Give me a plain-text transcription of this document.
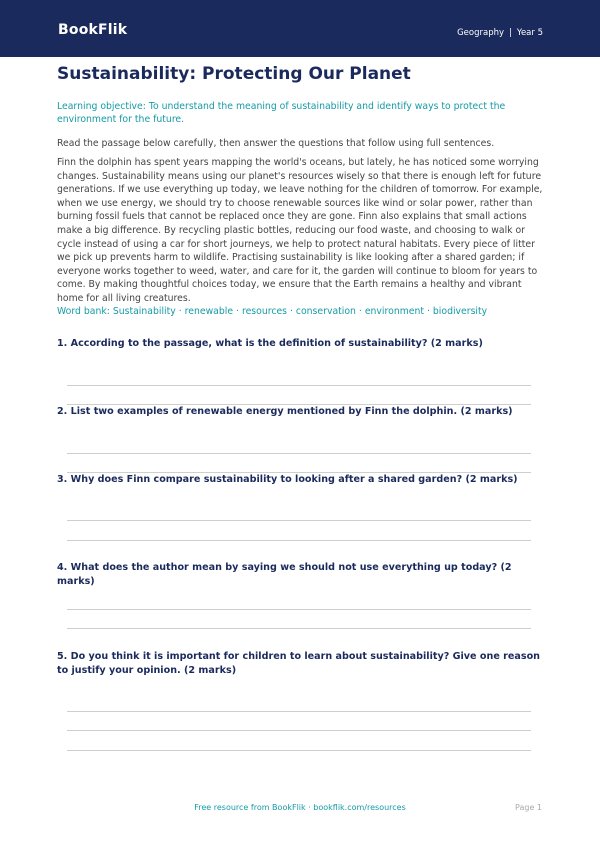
BookFlik	Geography | Year 5
Sustainability: Protecting Our Planet

Learning objective: To understand the meaning of sustainability and identify ways to protect the environment for the future.

Read the passage below carefully, then answer the questions that follow using full sentences.

Finn the dolphin has spent years mapping the world's oceans, but lately, he has noticed some worrying changes. Sustainability means using our planet's resources wisely so that there is enough left for future generations. If we use everything up today, we leave nothing for the children of tomorrow. For example, when we use energy, we should try to choose renewable sources like wind or solar power, rather than burning fossil fuels that cannot be replaced once they are gone. Finn also explains that small actions make a big difference. By recycling plastic bottles, reducing our food waste, and choosing to walk or cycle instead of using a car for short journeys, we help to protect natural habitats. Every piece of litter we pick up prevents harm to wildlife. Practising sustainability is like looking after a shared garden; if everyone works together to weed, water, and care for it, the garden will continue to bloom for years to come. By making thoughtful choices today, we ensure that the Earth remains a healthy and vibrant home for all living creatures.

Word bank: Sustainability · renewable · resources · conservation · environment · biodiversity

1. According to the passage, what is the definition of sustainability? (2 marks)

2. List two examples of renewable energy mentioned by Finn the dolphin. (2 marks)

3. Why does Finn compare sustainability to looking after a shared garden? (2 marks)

4. What does the author mean by saying we should not use everything up today? (2 marks)

5. Do you think it is important for children to learn about sustainability? Give one reason to justify your opinion. (2 marks)

Free resource from BookFlik · bookflik.com/resources	Page 1
